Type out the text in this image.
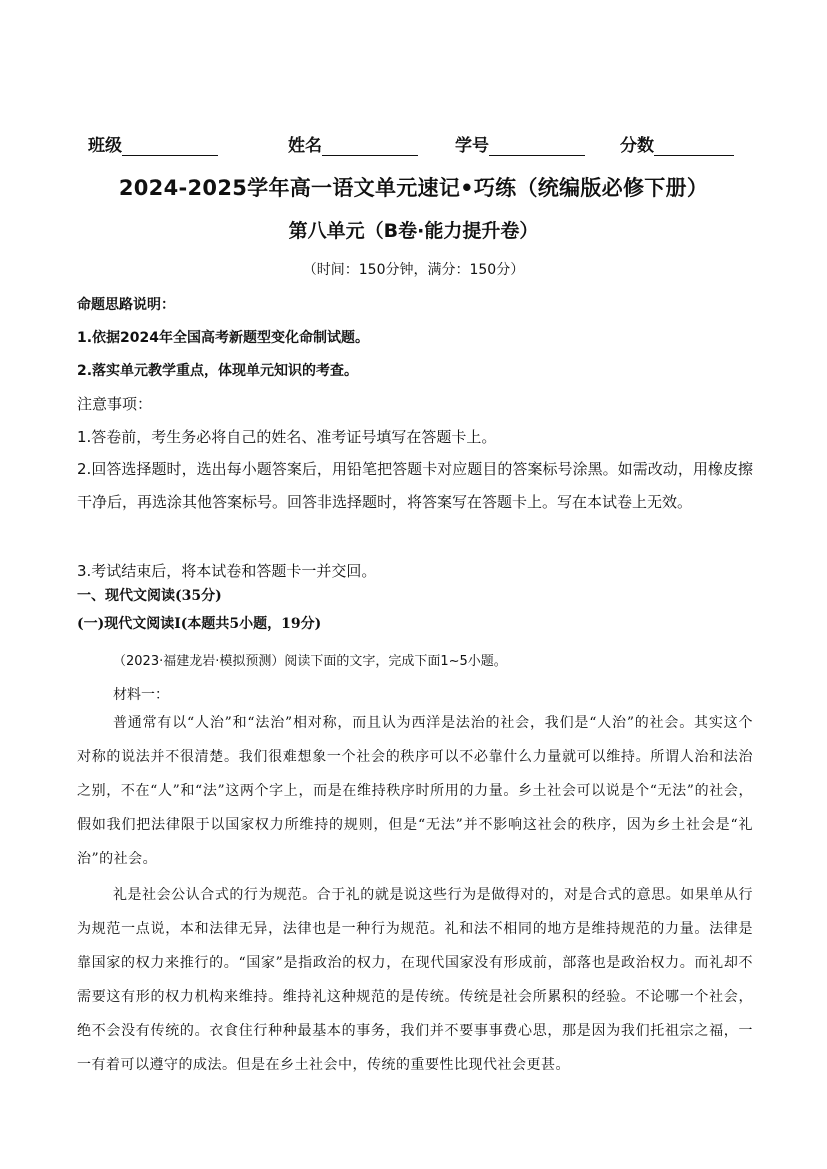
班级	姓名	学号	分数
2024-2025学年高一语文单元速记•巧练（统编版必修下册）
第八单元（B卷·能力提升卷）
（时间：150分钟，满分：150分）
命题思路说明：
1.依据2024年全国高考新题型变化命制试题。
2.落实单元教学重点，体现单元知识的考查。
注意事项：
1.答卷前，考生务必将自己的姓名、准考证号填写在答题卡上。
2.回答选择题时，选出每小题答案后，用铅笔把答题卡对应题目的答案标号涂黑。如需改动，用橡皮擦干净后，再选涂其他答案标号。回答非选择题时，将答案写在答题卡上。写在本试卷上无效。
3.考试结束后，将本试卷和答题卡一并交回。
一、现代文阅读(35分)
(一)现代文阅读Ⅰ(本题共5小题，19分)
（2023·福建龙岩·模拟预测）阅读下面的文字，完成下面1~5小题。
材料一：
普通常有以“人治”和“法治”相对称，而且认为西洋是法治的社会，我们是“人治”的社会。其实这个对称的说法并不很清楚。我们很难想象一个社会的秩序可以不必靠什么力量就可以维持。所谓人治和法治之别，不在“人”和“法”这两个字上，而是在维持秩序时所用的力量。乡土社会可以说是个“无法”的社会，假如我们把法律限于以国家权力所维持的规则，但是“无法”并不影响这社会的秩序，因为乡土社会是“礼治”的社会。
礼是社会公认合式的行为规范。合于礼的就是说这些行为是做得对的，对是合式的意思。如果单从行为规范一点说，本和法律无异，法律也是一种行为规范。礼和法不相同的地方是维持规范的力量。法律是靠国家的权力来推行的。“国家”是指政治的权力，在现代国家没有形成前，部落也是政治权力。而礼却不需要这有形的权力机构来维持。维持礼这种规范的是传统。传统是社会所累积的经验。不论哪一个社会，绝不会没有传统的。衣食住行种种最基本的事务，我们并不要事事费心思，那是因为我们托祖宗之福，一一有着可以遵守的成法。但是在乡土社会中，传统的重要性比现代社会更甚。
